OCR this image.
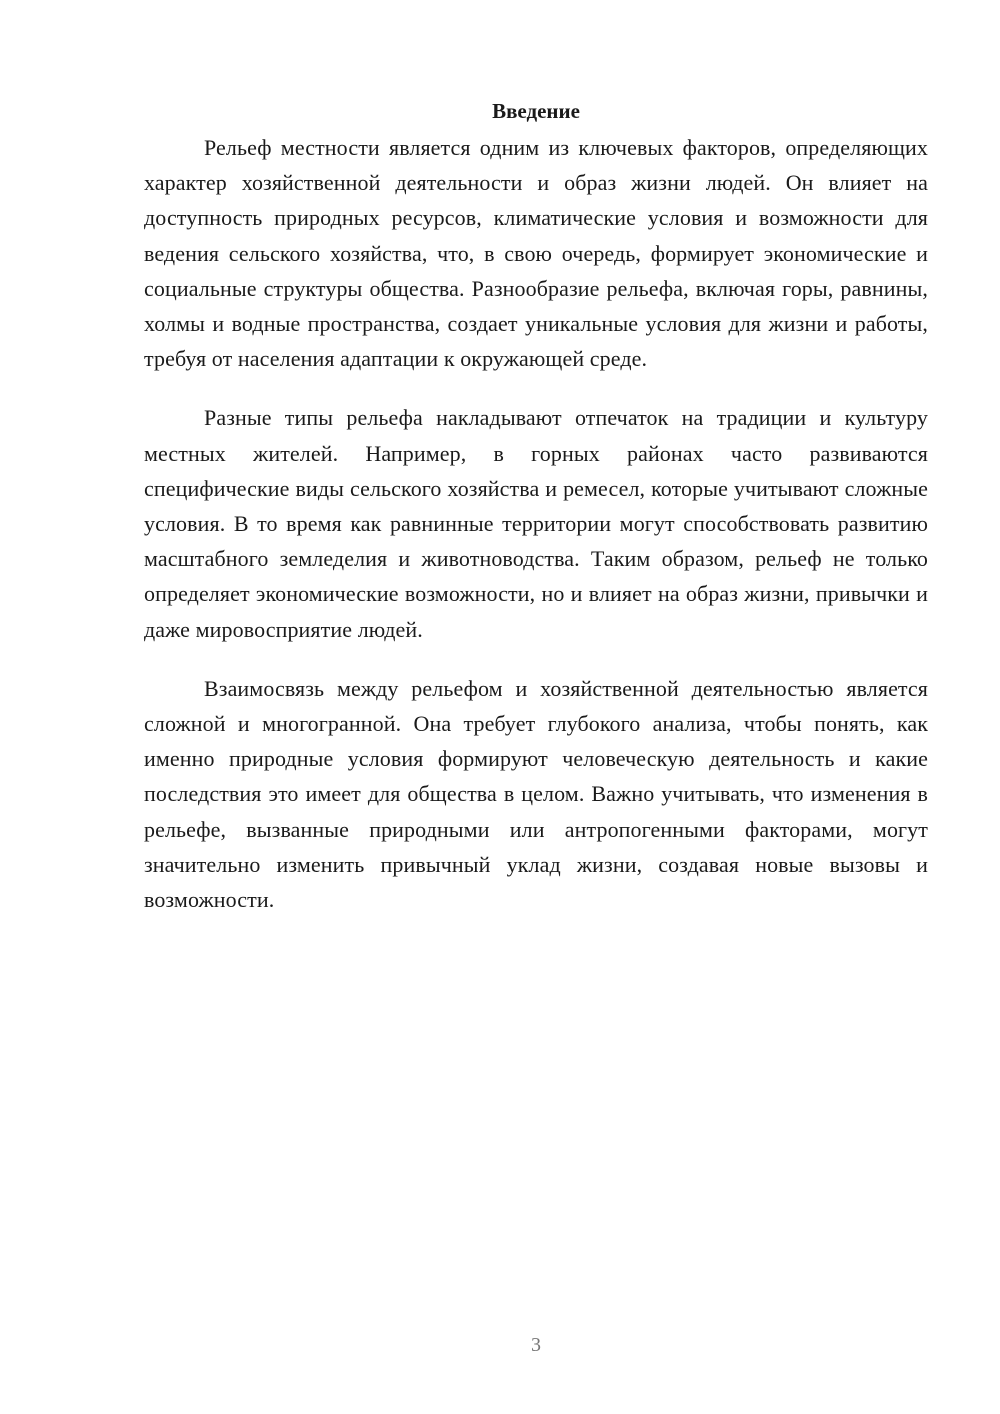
Введение

Рельеф местности является одним из ключевых факторов, определяющих характер хозяйственной деятельности и образ жизни людей. Он влияет на доступность природных ресурсов, климатические условия и возможности для ведения сельского хозяйства, что, в свою очередь, формирует экономические и социальные структуры общества. Разнообразие рельефа, включая горы, равнины, холмы и водные пространства, создает уникальные условия для жизни и работы, требуя от населения адаптации к окружающей среде.

Разные типы рельефа накладывают отпечаток на традиции и культуру местных жителей. Например, в горных районах часто развиваются специфические виды сельского хозяйства и ремесел, которые учитывают сложные условия. В то время как равнинные территории могут способствовать развитию масштабного земледелия и животноводства. Таким образом, рельеф не только определяет экономические возможности, но и влияет на образ жизни, привычки и даже мировосприятие людей.

Взаимосвязь между рельефом и хозяйственной деятельностью является сложной и многогранной. Она требует глубокого анализа, чтобы понять, как именно природные условия формируют человеческую деятельность и какие последствия это имеет для общества в целом. Важно учитывать, что изменения в рельефе, вызванные природными или антропогенными факторами, могут значительно изменить привычный уклад жизни, создавая новые вызовы и возможности.

3
